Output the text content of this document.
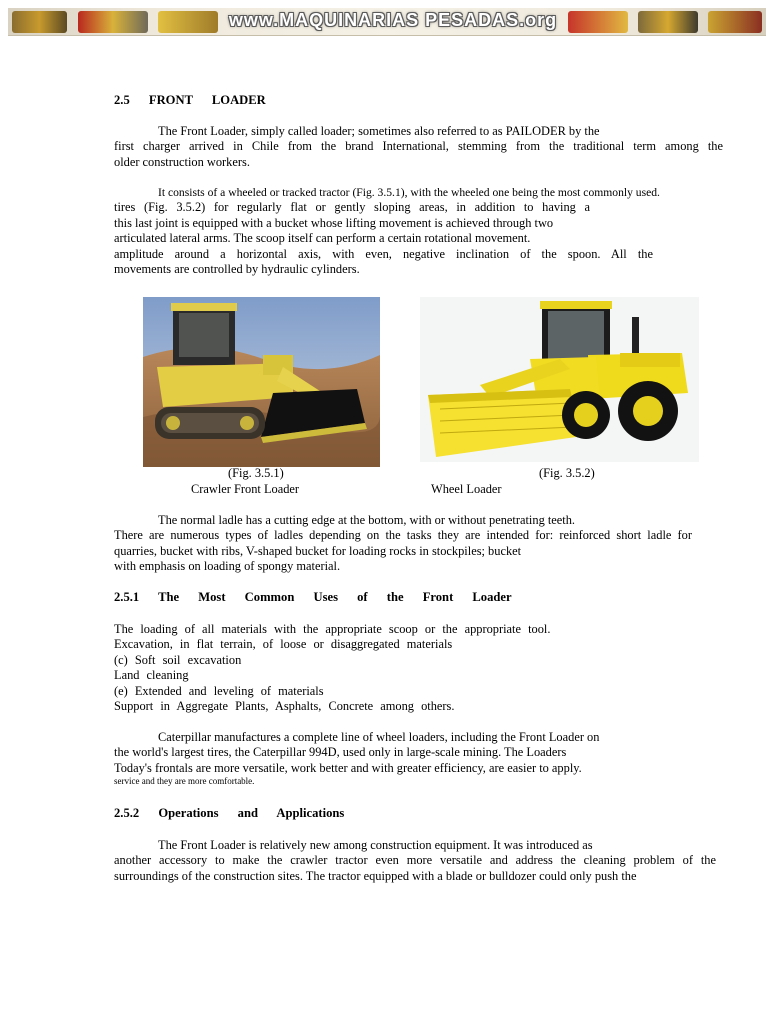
www.MAQUINARIAS PESADAS.org
2.5 FRONT LOADER
The Front Loader, simply called loader; sometimes also referred to as PAILODER by the
first charger arrived in Chile from the brand International, stemming from the traditional term among the
older construction workers.
It consists of a wheeled or tracked tractor (Fig. 3.5.1), with the wheeled one being the most commonly used.
tires (Fig. 3.5.2) for regularly flat or gently sloping areas, in addition to having a
this last joint is equipped with a bucket whose lifting movement is achieved through two
articulated lateral arms. The scoop itself can perform a certain rotational movement.
amplitude around a horizontal axis, with even, negative inclination of the spoon. All the
movements are controlled by hydraulic cylinders.
(Fig. 3.5.1)
Crawler Front Loader
(Fig. 3.5.2)
Wheel Loader
The normal ladle has a cutting edge at the bottom, with or without penetrating teeth.
There are numerous types of ladles depending on the tasks they are intended for: reinforced short ladle for
quarries, bucket with ribs, V-shaped bucket for loading rocks in stockpiles; bucket
with emphasis on loading of spongy material.
2.5.1 The Most Common Uses of the Front Loader
The loading of all materials with the appropriate scoop or the appropriate tool.
Excavation, in flat terrain, of loose or disaggregated materials
(c) Soft soil excavation
Land cleaning
(e) Extended and leveling of materials
Support in Aggregate Plants, Asphalts, Concrete among others.
Caterpillar manufactures a complete line of wheel loaders, including the Front Loader on
the world's largest tires, the Caterpillar 994D, used only in large-scale mining. The Loaders
Today's frontals are more versatile, work better and with greater efficiency, are easier to apply.
service and they are more comfortable.
2.5.2 Operations and Applications
The Front Loader is relatively new among construction equipment. It was introduced as
another accessory to make the crawler tractor even more versatile and address the cleaning problem of the
surroundings of the construction sites. The tractor equipped with a blade or bulldozer could only push the
